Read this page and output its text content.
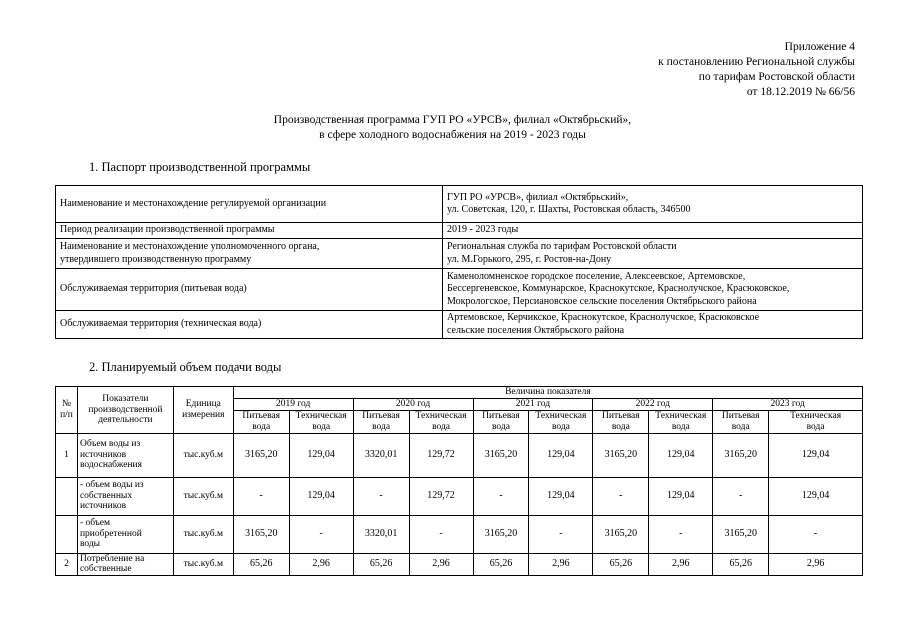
Приложение 4
к постановлению Региональной службы
по тарифам Ростовской области
от 18.12.2019 № 66/56
Производственная программа ГУП РО «УРСВ», филиал «Октябрьский»,
в сфере холодного водоснабжения на 2019 - 2023 годы
1. Паспорт производственной программы
Наименование и местонахождение регулируемой организации	ГУП РО «УРСВ», филиал «Октябрьский»,
ул. Советская, 120, г. Шахты, Ростовская область, 346500
Период реализации производственной программы	2019 - 2023 годы
Наименование и местонахождение уполномоченного органа,
утвердившего производственную программу	Региональная служба по тарифам Ростовской области
ул. М.Горького, 295, г. Ростов-на-Дону
Обслуживаемая территория (питьевая вода)	Каменоломненское городское поселение, Алексеевское, Артемовское,
Бессергеневское, Коммунарское, Краснокутское, Краснолучское, Красюковское,
Мокрологское, Персиановское сельские поселения Октябрьского района
Обслуживаемая территория (техническая вода)	Артемовское, Керчикское, Краснокутское, Краснолучское, Красюковское
сельские поселения Октябрьского района
2. Планируемый объем подачи воды
№
п/п	Показатели
производственной
деятельности	Единица
измерения	Величина показателя									
			2019 год		2020 год		2021 год		2022 год		2023 год	
			Питьевая
вода	Техническая
вода	Питьевая
вода	Техническая
вода	Питьевая
вода	Техническая
вода	Питьевая
вода	Техническая
вода	Питьевая
вода	Техническая
вода
1	Объем воды из
источников
водоснабжения	тыс.куб.м	3165,20	129,04	3320,01	129,72	3165,20	129,04	3165,20	129,04	3165,20	129,04
	- объем воды из
собственных
источников	тыс.куб.м	-	129,04	-	129,72	-	129,04	-	129,04	-	129,04
	- объем
приобретенной
воды	тыс.куб.м	3165,20	-	3320,01	-	3165,20	-	3165,20	-	3165,20	-
2	Потребление на
собственные	тыс.куб.м	65,26	2,96	65,26	2,96	65,26	2,96	65,26	2,96	65,26	2,96
